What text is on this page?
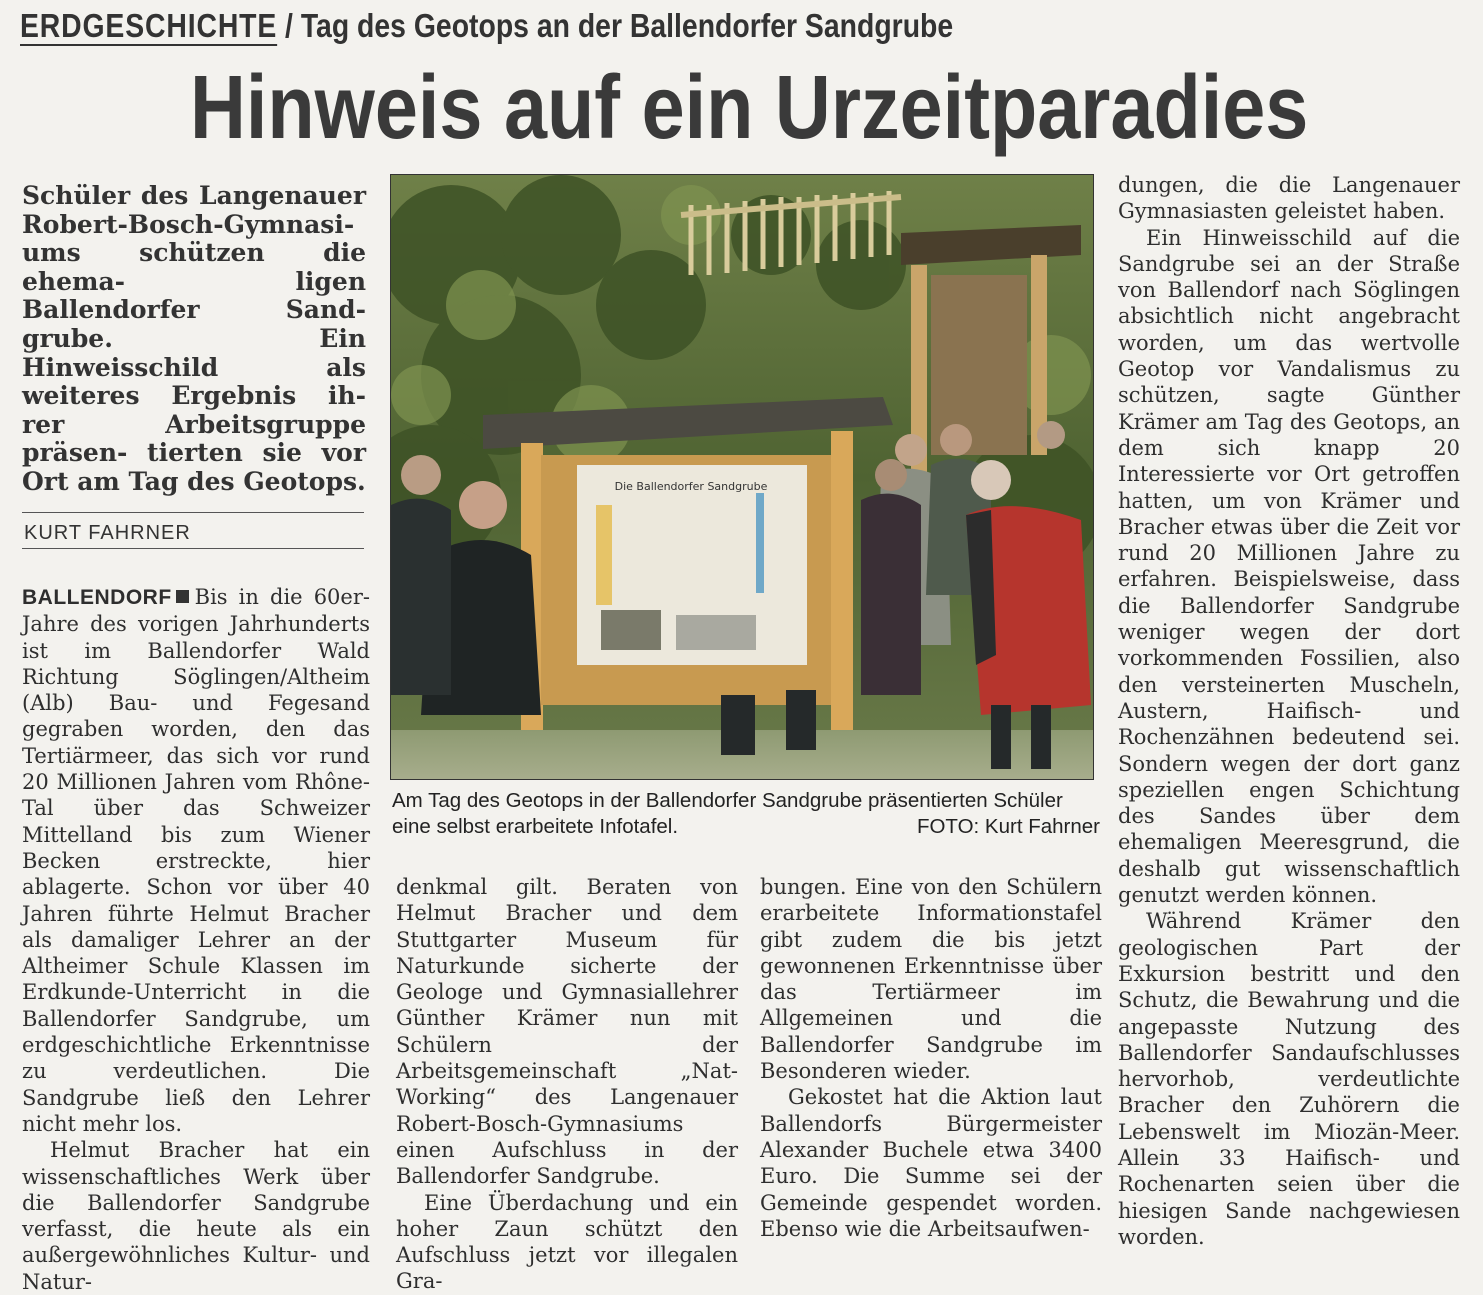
ERDGESCHICHTE / Tag des Geotops an der Ballendorfer Sandgrube
Hinweis auf ein Urzeitparadies
Schüler des Langenauer Robert-Bosch-Gymnasi- ums schützen die ehema- ligen Ballendorfer Sand- grube. Ein Hinweisschild als weiteres Ergebnis ih- rer Arbeitsgruppe präsen- tierten sie vor Ort am Tag des Geotops.
KURT FAHRNER

BALLENDORF Bis in die 60er-Jahre des vorigen Jahrhunderts ist im Ballendorfer Wald Richtung Söglingen/Altheim (Alb) Bau- und Fegesand gegraben worden, den das Tertiärmeer, das sich vor rund 20 Millionen Jahren vom Rhône-Tal über das Schweizer Mittelland bis zum Wiener Becken erstreckte, hier ablagerte. Schon vor über 40 Jahren führte Helmut Bracher als damaliger Lehrer an der Altheimer Schule Klassen im Erdkunde-Unterricht in die Ballendorfer Sandgrube, um erdgeschichtliche Erkenntnisse zu verdeutlichen. Die Sandgrube ließ den Lehrer nicht mehr los.

Helmut Bracher hat ein wissenschaftliches Werk über die Ballendorfer Sandgrube verfasst, die heute als ein außergewöhnliches Kultur- und Natur-

Die Ballendorfer Sandgrube
Am Tag des Geotops in der Ballendorfer Sandgrube präsentierten Schüler eine selbst erarbeitete Infotafel.	FOTO: Kurt Fahrner

denkmal gilt. Beraten von Helmut Bracher und dem Stuttgarter Museum für Naturkunde sicherte der Geologe und Gymnasiallehrer Günther Krämer nun mit Schülern der Arbeitsgemeinschaft „Nat-Working“ des Langenauer Robert-Bosch-Gymnasiums einen Aufschluss in der Ballendorfer Sandgrube.

Eine Überdachung und ein hoher Zaun schützt den Aufschluss jetzt vor illegalen Gra-

bungen. Eine von den Schülern erarbeitete Informationstafel gibt zudem die bis jetzt gewonnenen Erkenntnisse über das Tertiärmeer im Allgemeinen und die Ballendorfer Sandgrube im Besonderen wieder.

Gekostet hat die Aktion laut Ballendorfs Bürgermeister Alexander Buchele etwa 3400 Euro. Die Summe sei der Gemeinde gespendet worden. Ebenso wie die Arbeitsaufwen-

dungen, die die Langenauer Gymnasiasten geleistet haben.

Ein Hinweisschild auf die Sandgrube sei an der Straße von Ballendorf nach Söglingen absichtlich nicht angebracht worden, um das wertvolle Geotop vor Vandalismus zu schützen, sagte Günther Krämer am Tag des Geotops, an dem sich knapp 20 Interessierte vor Ort getroffen hatten, um von Krämer und Bracher etwas über die Zeit vor rund 20 Millionen Jahre zu erfahren. Beispielsweise, dass die Ballendorfer Sandgrube weniger wegen der dort vorkommenden Fossilien, also den versteinerten Muscheln, Austern, Haifisch- und Rochenzähnen bedeutend sei. Sondern wegen der dort ganz speziellen engen Schichtung des Sandes über dem ehemaligen Meeresgrund, die deshalb gut wissenschaftlich genutzt werden können.

Während Krämer den geologischen Part der Exkursion bestritt und den Schutz, die Bewahrung und die angepasste Nutzung des Ballendorfer Sandaufschlusses hervorhob, verdeutlichte Bracher den Zuhörern die Lebenswelt im Miozän-Meer. Allein 33 Haifisch- und Rochenarten seien über die hiesigen Sande nachgewiesen worden.
